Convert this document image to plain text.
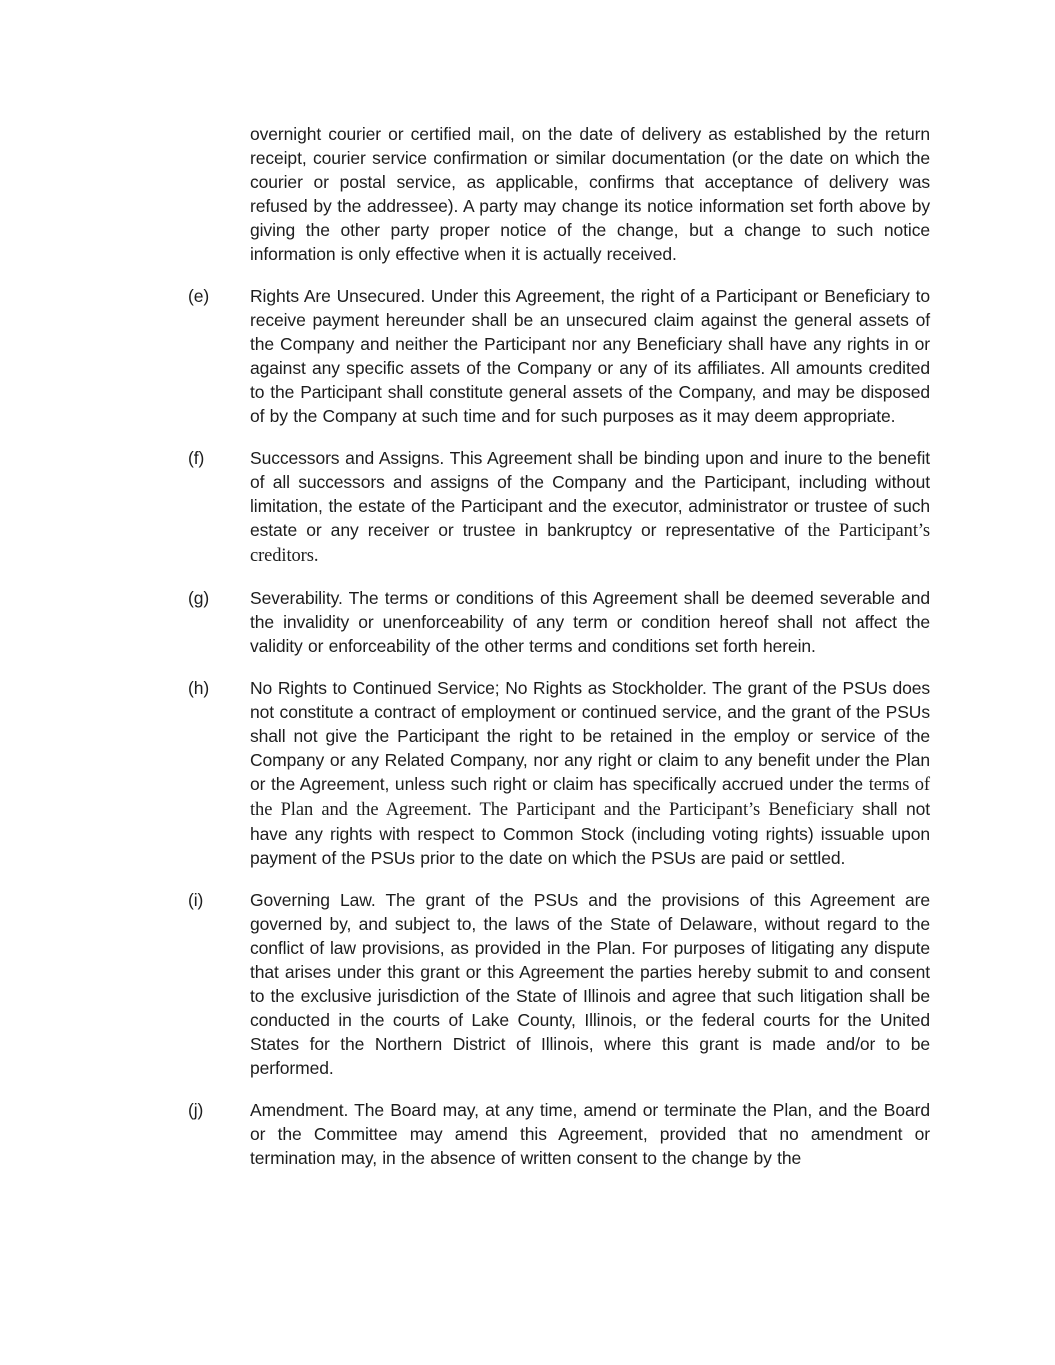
overnight courier or certified mail, on the date of delivery as established by the return receipt, courier service confirmation or similar documentation (or the date on which the courier or postal service, as applicable, confirms that acceptance of delivery was refused by the addressee). A party may change its notice information set forth above by giving the other party proper notice of the change, but a change to such notice information is only effective when it is actually received.
(e)	Rights Are Unsecured. Under this Agreement, the right of a Participant or Beneficiary to receive payment hereunder shall be an unsecured claim against the general assets of the Company and neither the Participant nor any Beneficiary shall have any rights in or against any specific assets of the Company or any of its affiliates. All amounts credited to the Participant shall constitute general assets of the Company, and may be disposed of by the Company at such time and for such purposes as it may deem appropriate.
(f)	Successors and Assigns. This Agreement shall be binding upon and inure to the benefit of all successors and assigns of the Company and the Participant, including without limitation, the estate of the Participant and the executor, administrator or trustee of such estate or any receiver or trustee in bankruptcy or representative of the Participant’s creditors.
(g)	Severability. The terms or conditions of this Agreement shall be deemed severable and the invalidity or unenforceability of any term or condition hereof shall not affect the validity or enforceability of the other terms and conditions set forth herein.
(h)	No Rights to Continued Service; No Rights as Stockholder. The grant of the PSUs does not constitute a contract of employment or continued service, and the grant of the PSUs shall not give the Participant the right to be retained in the employ or service of the Company or any Related Company, nor any right or claim to any benefit under the Plan or the Agreement, unless such right or claim has specifically accrued under the terms of the Plan and the Agreement. The Participant and the Participant’s Beneficiary shall not have any rights with respect to Common Stock (including voting rights) issuable upon payment of the PSUs prior to the date on which the PSUs are paid or settled.
(i)	Governing Law. The grant of the PSUs and the provisions of this Agreement are governed by, and subject to, the laws of the State of Delaware, without regard to the conflict of law provisions, as provided in the Plan. For purposes of litigating any dispute that arises under this grant or this Agreement the parties hereby submit to and consent to the exclusive jurisdiction of the State of Illinois and agree that such litigation shall be conducted in the courts of Lake County, Illinois, or the federal courts for the United States for the Northern District of Illinois, where this grant is made and/or to be performed.
(j)	Amendment. The Board may, at any time, amend or terminate the Plan, and the Board or the Committee may amend this Agreement, provided that no amendment or termination may, in the absence of written consent to the change by the
